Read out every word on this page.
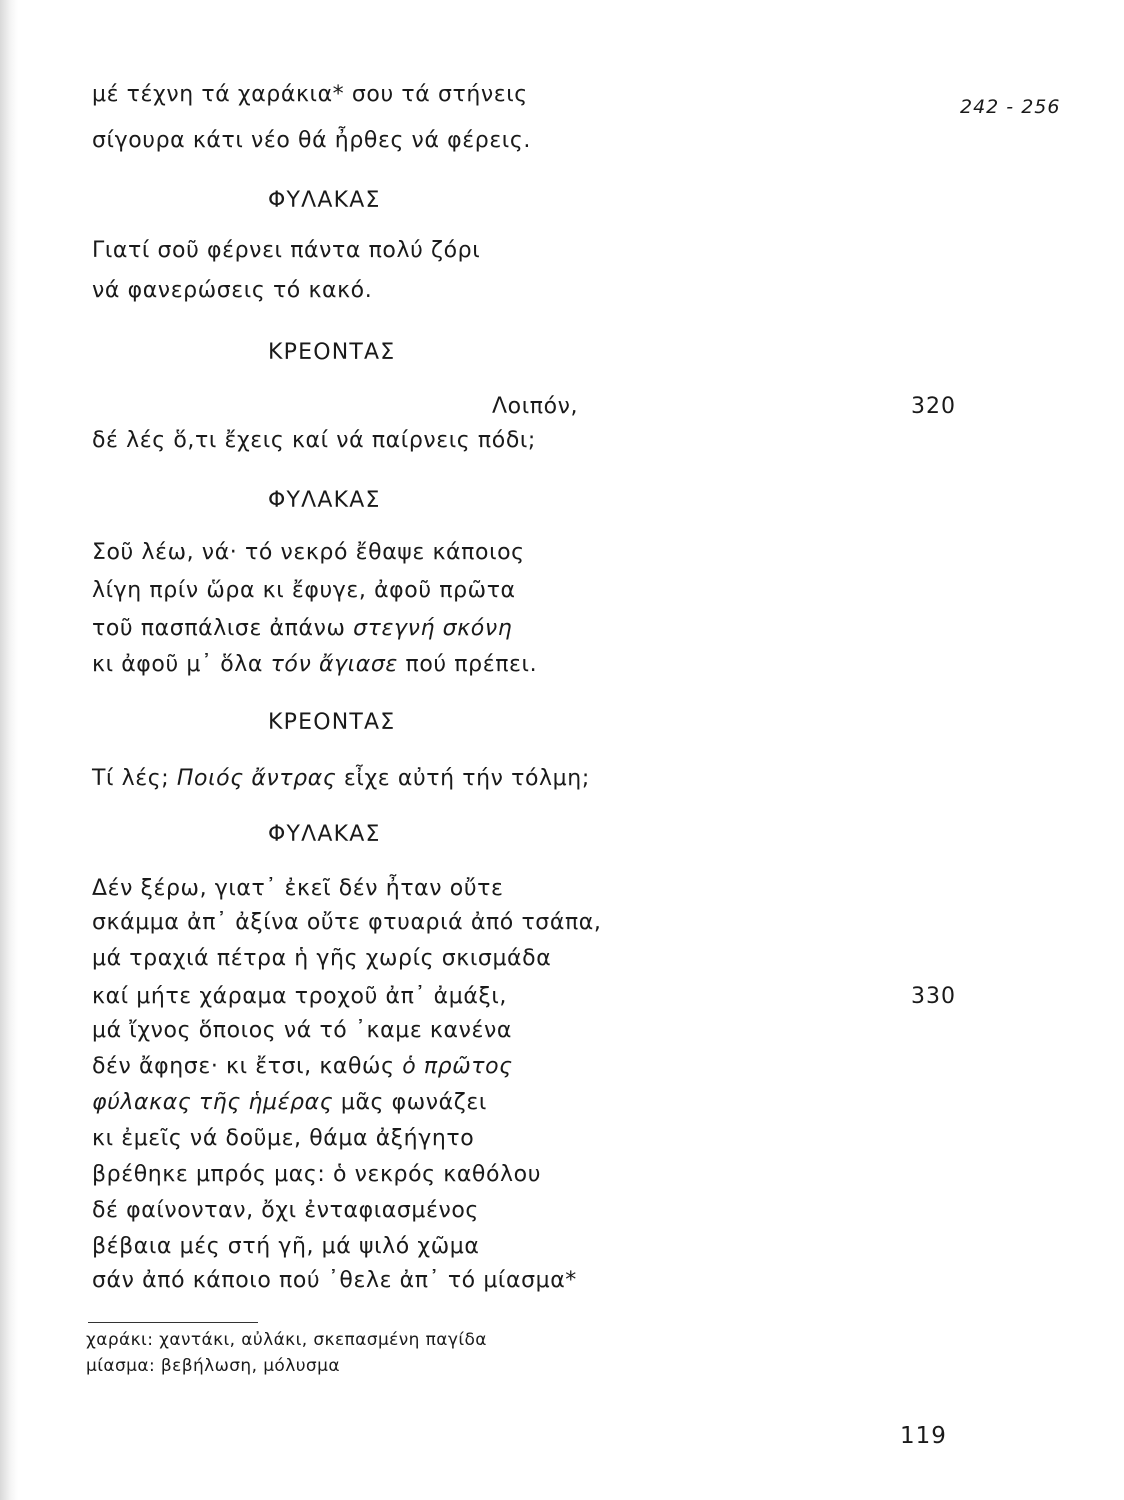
242 - 256
μέ τέχνη τά χαράκια* σου τά στήνεις
σίγουρα κάτι νέο θά ἦρθες νά φέρεις.
ΦΥΛΑΚΑΣ
Γιατί σοῦ φέρνει πάντα πολύ ζόρι
νά φανερώσεις τό κακό.
ΚΡΕΟΝΤΑΣ
Λοιπόν,	320
δέ λές ὅ,τι ἔχεις καί νά παίρνεις πόδι;
ΦΥΛΑΚΑΣ
Σοῦ λέω, νά· τό νεκρό ἔθαψε κάποιος
λίγη πρίν ὥρα κι ἔφυγε, ἀφοῦ πρῶτα
τοῦ πασπάλισε ἀπάνω στεγνή σκόνη
κι ἀφοῦ μ᾿ ὅλα τόν ἄγιασε πού πρέπει.
ΚΡΕΟΝΤΑΣ
Τί λές; Ποιός ἄντρας εἶχε αὐτή τήν τόλμη;
ΦΥΛΑΚΑΣ
Δέν ξέρω, γιατ᾿ ἐκεῖ δέν ἦταν οὔτε
σκάμμα ἀπ᾿ ἀξίνα οὔτε φτυαριά ἀπό τσάπα,
μά τραχιά πέτρα ἡ γῆς χωρίς σκισμάδα
καί μήτε χάραμα τροχοῦ ἀπ᾿ ἀμάξι,	330
μά ἴχνος ὅποιος νά τό ᾽καμε κανένα
δέν ἄφησε· κι ἔτσι, καθώς ὁ πρῶτος
φύλακας τῆς ἡμέρας μᾶς φωνάζει
κι ἐμεῖς νά δοῦμε, θάμα ἀξήγητο
βρέθηκε μπρός μας: ὁ νεκρός καθόλου
δέ φαίνονταν, ὄχι ἐνταφιασμένος
βέβαια μές στή γῆ, μά ψιλό χῶμα
σάν ἀπό κάποιο πού ᾽θελε ἀπ᾿ τό μίασμα*
χαράκι: χαντάκι, αὐλάκι, σκεπασμένη παγίδα
μίασμα: βεβήλωση, μόλυσμα
119
